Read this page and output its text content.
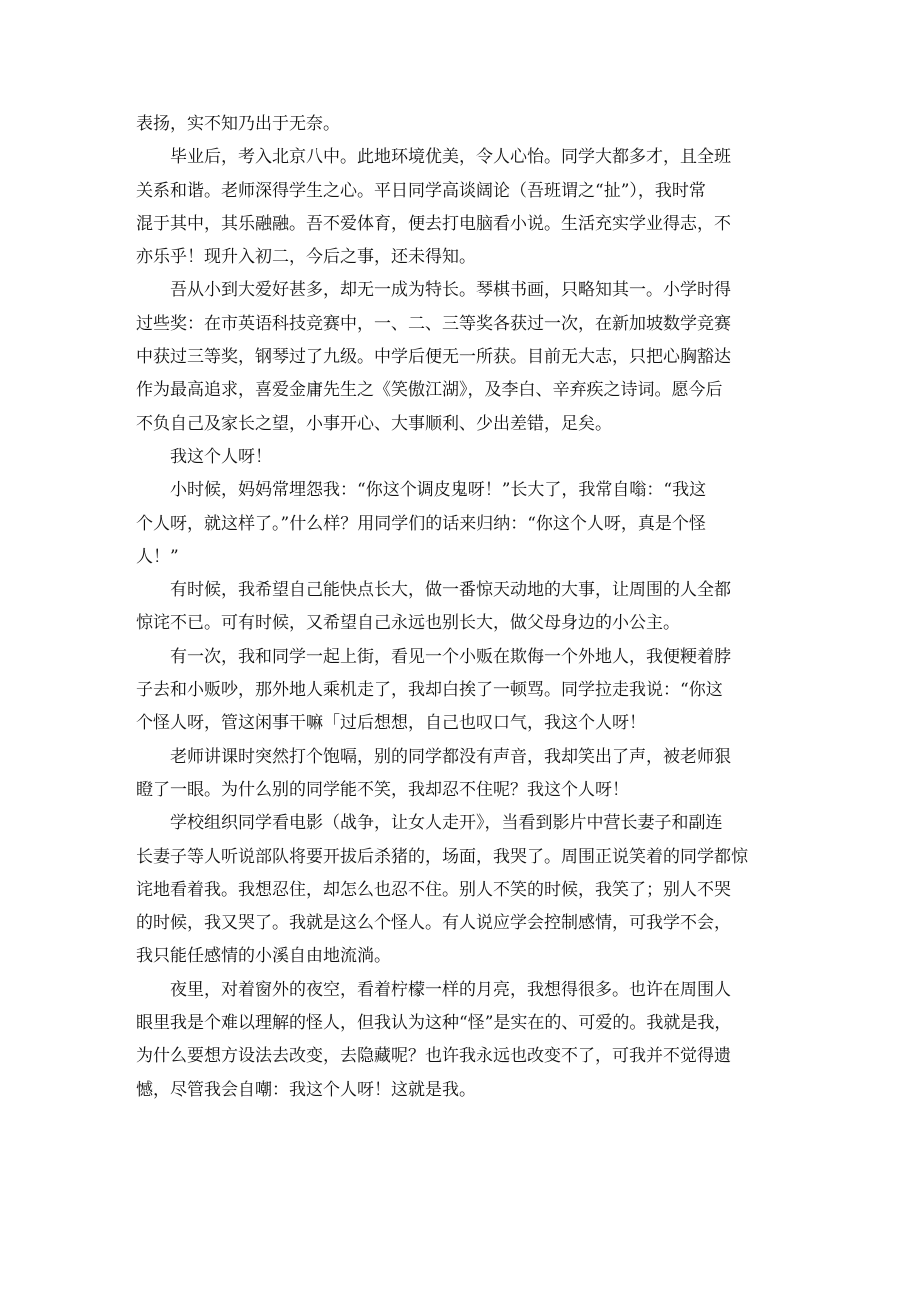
表扬，实不知乃出于无奈。

毕业后，考入北京八中。此地环境优美，令人心怡。同学大都多才，且全班
关系和谐。老师深得学生之心。平日同学高谈阔论（吾班谓之“扯”），我时常
混于其中，其乐融融。吾不爱体育，便去打电脑看小说。生活充实学业得志，不
亦乐乎！现升入初二，今后之事，还未得知。

吾从小到大爱好甚多，却无一成为特长。琴棋书画，只略知其一。小学时得
过些奖：在市英语科技竞赛中，一、二、三等奖各获过一次，在新加坡数学竞赛
中获过三等奖，钢琴过了九级。中学后便无一所获。目前无大志，只把心胸豁达
作为最高追求，喜爱金庸先生之《笑傲江湖》，及李白、辛弃疾之诗词。愿今后
不负自己及家长之望，小事开心、大事顺利、少出差错，足矣。

我这个人呀！

小时候，妈妈常埋怨我：“你这个调皮鬼呀！”长大了，我常自嗡：“我这
个人呀，就这样了。”什么样？用同学们的话来归纳：“你这个人呀，真是个怪
人！”

有时候，我希望自己能快点长大，做一番惊天动地的大事，让周围的人全都
惊诧不已。可有时候，又希望自己永远也别长大，做父母身边的小公主。

有一次，我和同学一起上街，看见一个小贩在欺侮一个外地人，我便粳着脖
子去和小贩吵，那外地人乘机走了，我却白挨了一顿骂。同学拉走我说：“你这
个怪人呀，管这闲事干嘛「过后想想，自己也叹口气，我这个人呀！

老师讲课时突然打个饱嗝，别的同学都没有声音，我却笑出了声，被老师狠
瞪了一眼。为什么别的同学能不笑，我却忍不住呢？我这个人呀！

学校组织同学看电影（战争，让女人走开》，当看到影片中营长妻子和副连
长妻子等人听说部队将要开拔后杀猪的，场面，我哭了。周围正说笑着的同学都惊
诧地看着我。我想忍住，却怎么也忍不住。别人不笑的时候，我笑了；别人不哭
的时候，我又哭了。我就是这么个怪人。有人说应学会控制感情，可我学不会，
我只能任感情的小溪自由地流淌。

夜里，对着窗外的夜空，看着柠檬一样的月亮，我想得很多。也许在周围人
眼里我是个难以理解的怪人，但我认为这种“怪”是实在的、可爱的。我就是我，
为什么要想方设法去改变，去隐藏呢？也许我永远也改变不了，可我并不觉得遗
憾，尽管我会自嘲：我这个人呀！这就是我。
